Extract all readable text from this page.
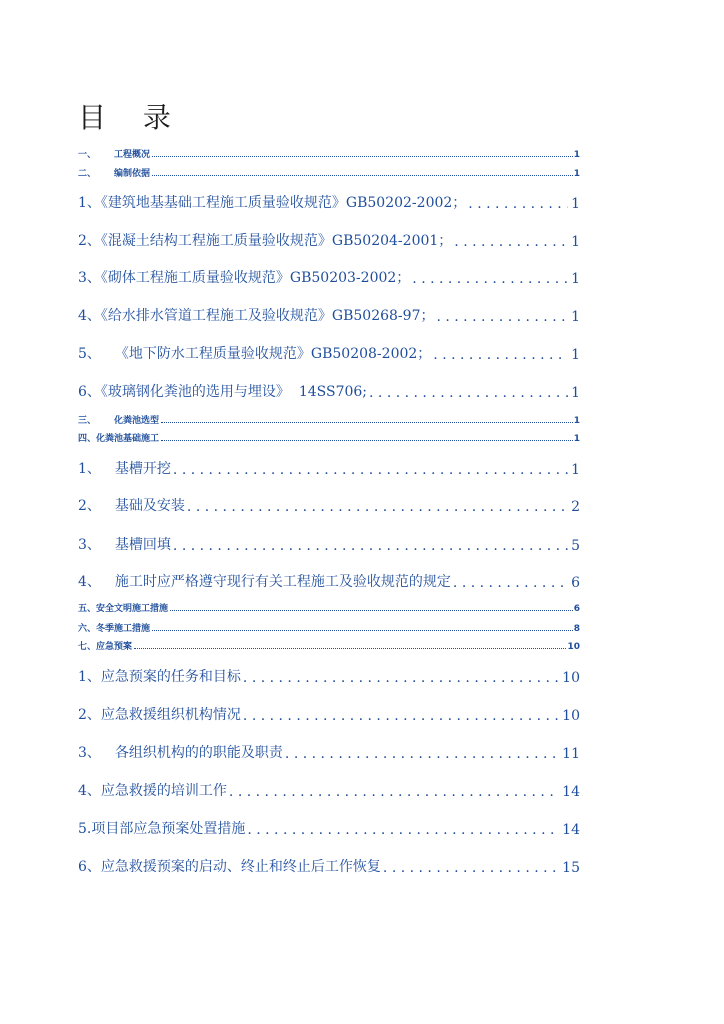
目 录
一、 工程概况	1
二、 编制依据	1
1、《建筑地基基础工程施工质量验收规范》GB50202-2002； . . .	1
2、《混凝土结构工程施工质量验收规范》GB50204-2001； . . .	1
3、《砌体工程施工质量验收规范》GB50203-2002； . . .	1
4、《给水排水管道工程施工及验收规范》GB50268-97； . . .	1
5、 《地下防水工程质量验收规范》GB50208-2002； . . .	1
6、《玻璃钢化粪池的选用与埋设》  14SS706; . . .	1
三、 化粪池选型	1
四、化粪池基础施工	1
1、 基槽开挖 . . .	1
2、 基础及安装 . . .	2
3、 基槽回填 . . .	5
4、 施工时应严格遵守现行有关工程施工及验收规范的规定 . . .	6
五、安全文明施工措施	6
六、冬季施工措施	8
七、应急预案	10
1、应急预案的任务和目标 . . .	10
2、应急救援组织机构情况 . . .	10
3、 各组织机构的的职能及职责 . . .	11
4、应急救援的培训工作 . . .	14
5.项目部应急预案处置措施 . . .	14
6、应急救援预案的启动、终止和终止后工作恢复 . . .	15
